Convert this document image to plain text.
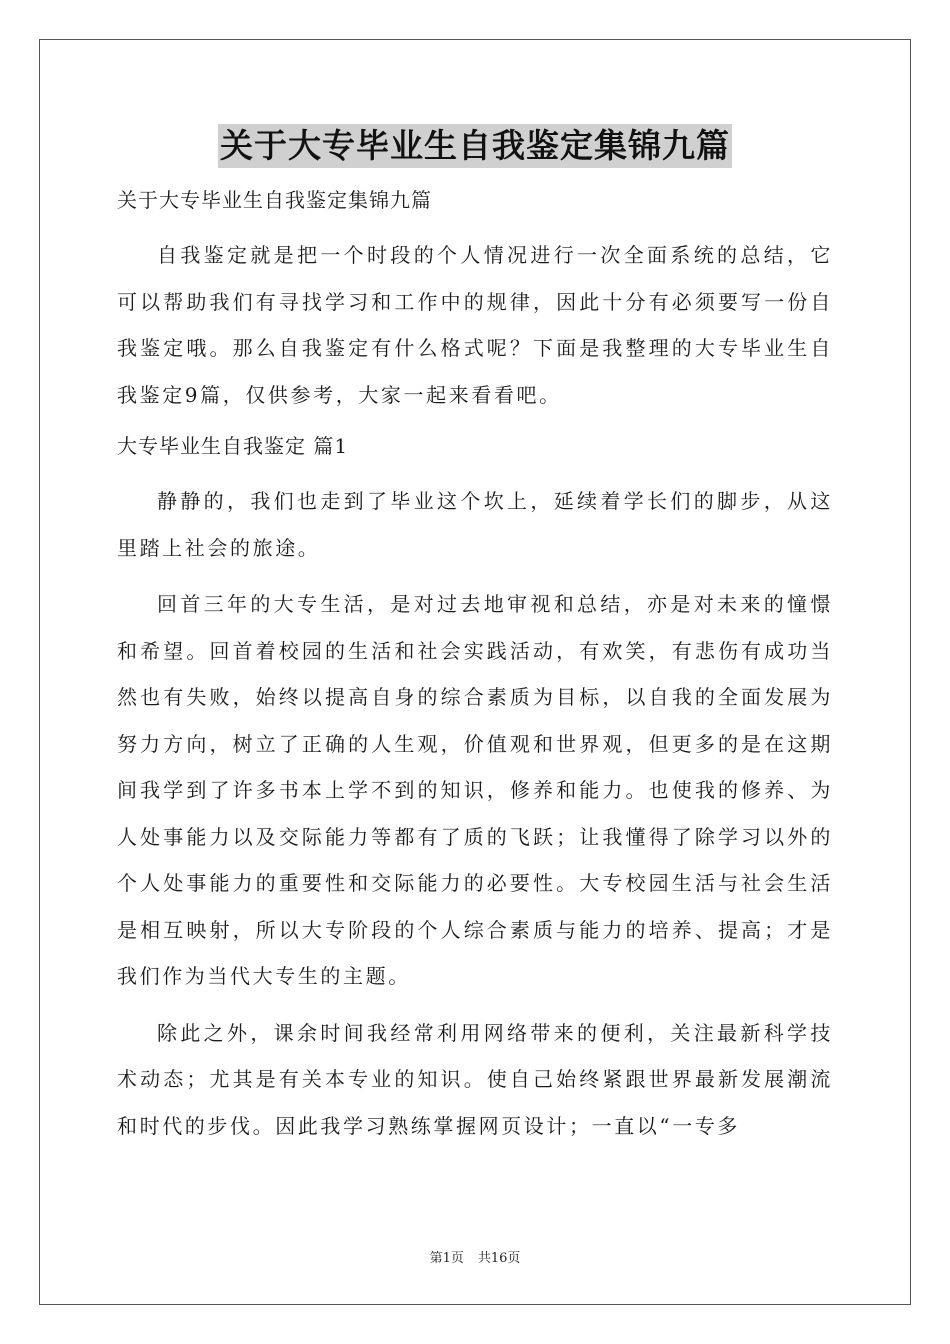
关于大专毕业生自我鉴定集锦九篇
关于大专毕业生自我鉴定集锦九篇

自我鉴定就是把一个时段的个人情况进行一次全面系统的总结，它可以帮助我们有寻找学习和工作中的规律，因此十分有必须要写一份自我鉴定哦。那么自我鉴定有什么格式呢？下面是我整理的大专毕业生自我鉴定9篇，仅供参考，大家一起来看看吧。

大专毕业生自我鉴定 篇1

静静的，我们也走到了毕业这个坎上，延续着学长们的脚步，从这里踏上社会的旅途。

回首三年的大专生活，是对过去地审视和总结，亦是对未来的憧憬和希望。回首着校园的生活和社会实践活动，有欢笑，有悲伤有成功当然也有失败，始终以提高自身的综合素质为目标，以自我的全面发展为努力方向，树立了正确的人生观，价值观和世界观，但更多的是在这期间我学到了许多书本上学不到的知识，修养和能力。也使我的修养、为人处事能力以及交际能力等都有了质的飞跃；让我懂得了除学习以外的个人处事能力的重要性和交际能力的必要性。大专校园生活与社会生活是相互映射，所以大专阶段的个人综合素质与能力的培养、提高；才是我们作为当代大专生的主题。

除此之外，课余时间我经常利用网络带来的便利，关注最新科学技术动态；尤其是有关本专业的知识。使自己始终紧跟世界最新发展潮流和时代的步伐。因此我学习熟练掌握网页设计；一直以“一专多

第1页 共16页
